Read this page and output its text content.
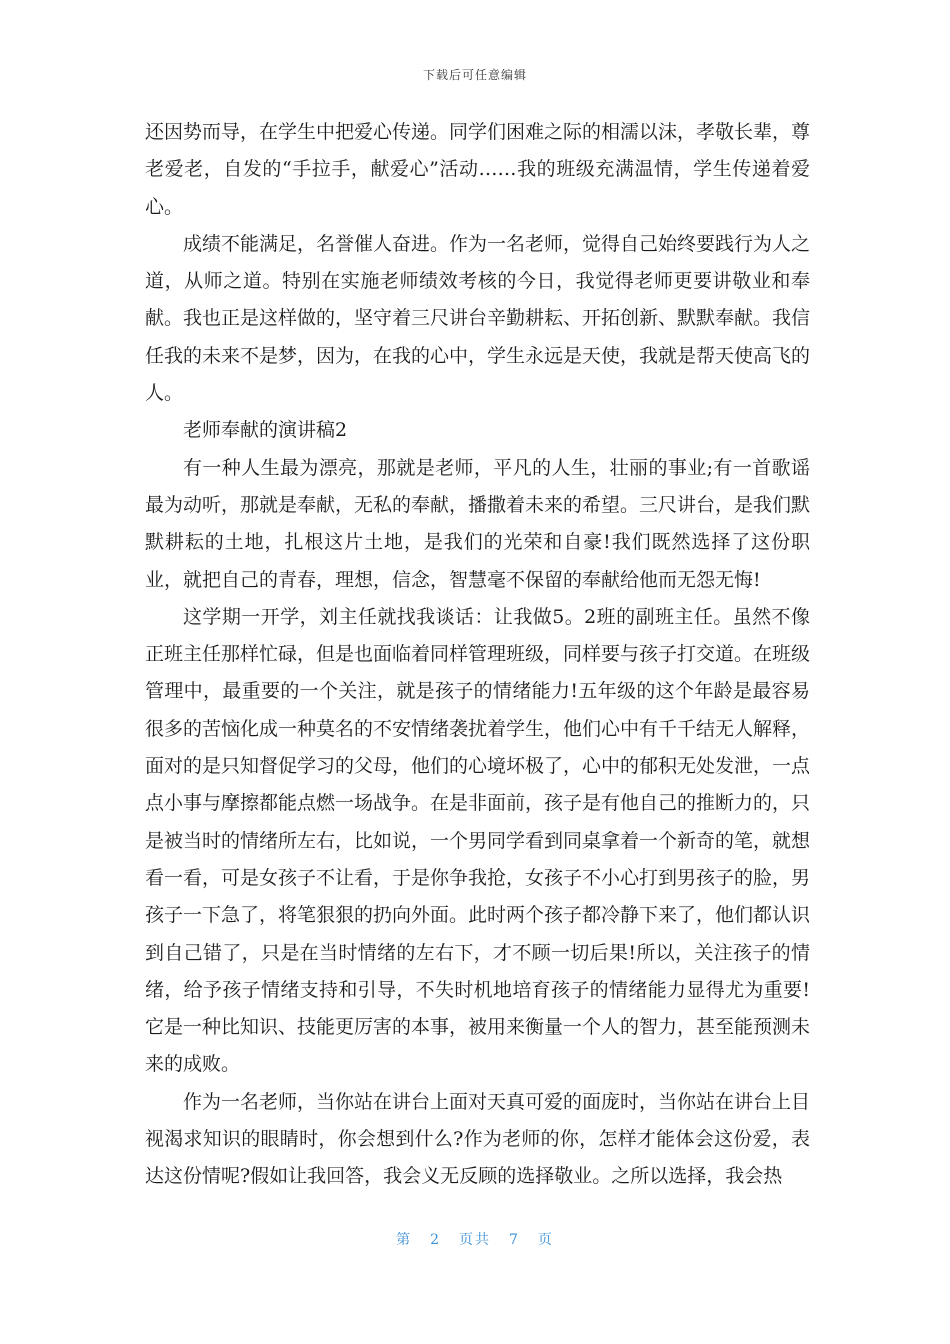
下载后可任意编辑

还因势而导，在学生中把爱心传递。同学们困难之际的相濡以沫，孝敬长辈，尊老爱老，自发的“手拉手，献爱心”活动……我的班级充满温情，学生传递着爱心。

成绩不能满足，名誉催人奋进。作为一名老师，觉得自己始终要践行为人之道，从师之道。特别在实施老师绩效考核的今日，我觉得老师更要讲敬业和奉献。我也正是这样做的，坚守着三尺讲台辛勤耕耘、开拓创新、默默奉献。我信任我的未来不是梦，因为，在我的心中，学生永远是天使，我就是帮天使高飞的人。

老师奉献的演讲稿2

有一种人生最为漂亮，那就是老师，平凡的人生，壮丽的事业;有一首歌谣最为动听，那就是奉献，无私的奉献，播撒着未来的希望。三尺讲台，是我们默默耕耘的土地，扎根这片土地，是我们的光荣和自豪!我们既然选择了这份职业，就把自己的青春，理想，信念，智慧毫不保留的奉献给他而无怨无悔!

这学期一开学，刘主任就找我谈话：让我做5。2班的副班主任。虽然不像正班主任那样忙碌，但是也面临着同样管理班级，同样要与孩子打交道。在班级管理中，最重要的一个关注，就是孩子的情绪能力!五年级的这个年龄是最容易很多的苦恼化成一种莫名的不安情绪袭扰着学生，他们心中有千千结无人解释，面对的是只知督促学习的父母，他们的心境坏极了，心中的郁积无处发泄，一点点小事与摩擦都能点燃一场战争。在是非面前，孩子是有他自己的推断力的，只是被当时的情绪所左右，比如说，一个男同学看到同桌拿着一个新奇的笔，就想看一看，可是女孩子不让看，于是你争我抢，女孩子不小心打到男孩子的脸，男孩子一下急了，将笔狠狠的扔向外面。此时两个孩子都冷静下来了，他们都认识到自己错了，只是在当时情绪的左右下，才不顾一切后果!所以，关注孩子的情绪，给予孩子情绪支持和引导，不失时机地培育孩子的情绪能力显得尤为重要!它是一种比知识、技能更厉害的本事，被用来衡量一个人的智力，甚至能预测未来的成败。

作为一名老师，当你站在讲台上面对天真可爱的面庞时，当你站在讲台上目视渴求知识的眼睛时，你会想到什么?作为老师的你，怎样才能体会这份爱，表达这份情呢?假如让我回答，我会义无反顾的选择敬业。之所以选择，我会热

第 2 页共 7 页
